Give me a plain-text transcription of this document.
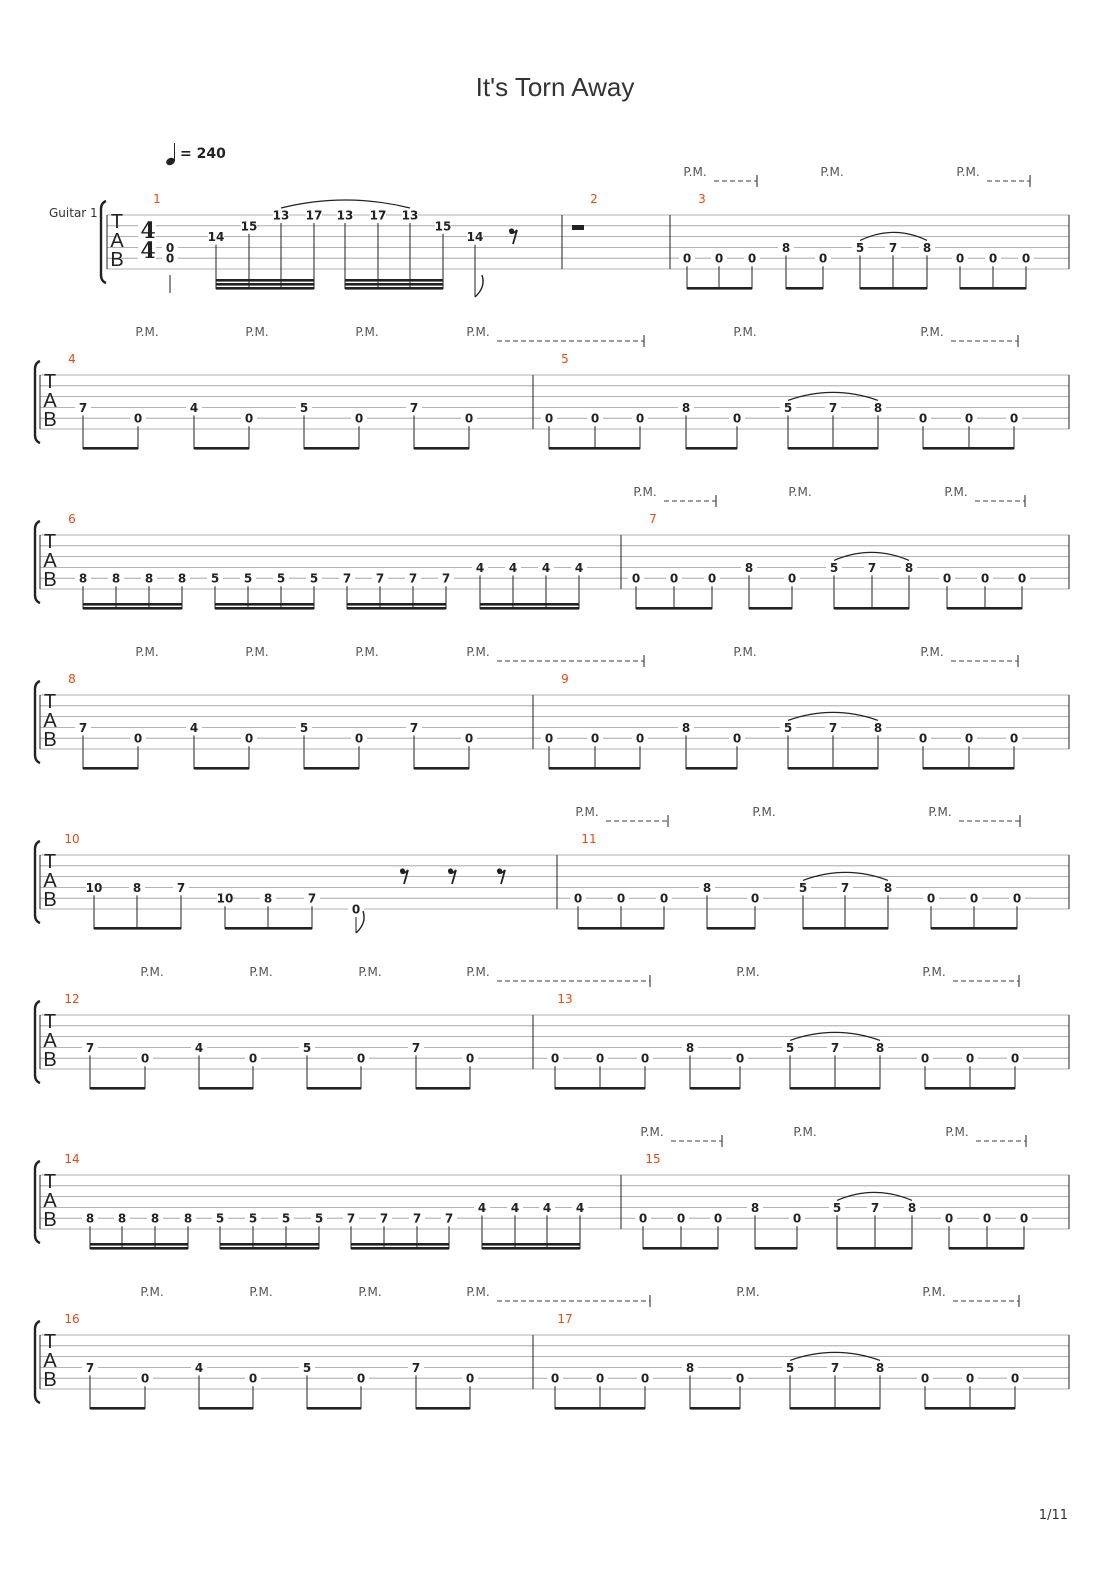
It's Torn Away
= 240
Guitar 1 T
A
B
4
4
P.M.	P.M.	P.M.
1
0
0
14
15
13 17 13 17 13
15
14
2	3
0 0 0
8
0
5 7 8
0 0 0
T
A
B
P.M.	P.M.	P.M.	P.M.	P.M.	P.M.
4
7
0
4
0
5
0
7
0
5
0	0	0
8
0
5	7	8
0	0	0
T
A
B
P.M.	P.M.	P.M.
6
8 8 8 8 5 5 5 5 7 7 7 7
4 4 4 4
7
0 0 0
8
0
5 7 8
0 0 0
T
A
B
P.M.	P.M.	P.M.	P.M.	P.M.	P.M.
8
7
0
4
0
5
0
7
0
9
0	0	0
8
0
5	7	8
0	0	0
T
A
B
P.M.	P.M.	P.M.
10
10	8	7
10	8	7
0
11
0	0	0
8
0
5	7	8
0	0	0
T
A
B
P.M.	P.M.	P.M.	P.M.	P.M.	P.M.
12
7
0
4
0
5
0
7
0
13
0	0	0
8
0
5	7	8
0	0	0
T
A
B
P.M.	P.M.	P.M.
14
8 8 8 8 5 5 5 5 7 7 7 7
4 4 4 4
15
0 0 0
8
0
5 7 8
0 0 0
T
A
B
P.M.	P.M.	P.M.	P.M.	P.M.	P.M.
16
7
0
4
0
5
0
7
0
17
0	0	0
8
0
5	7	8
0	0	0
1/11
